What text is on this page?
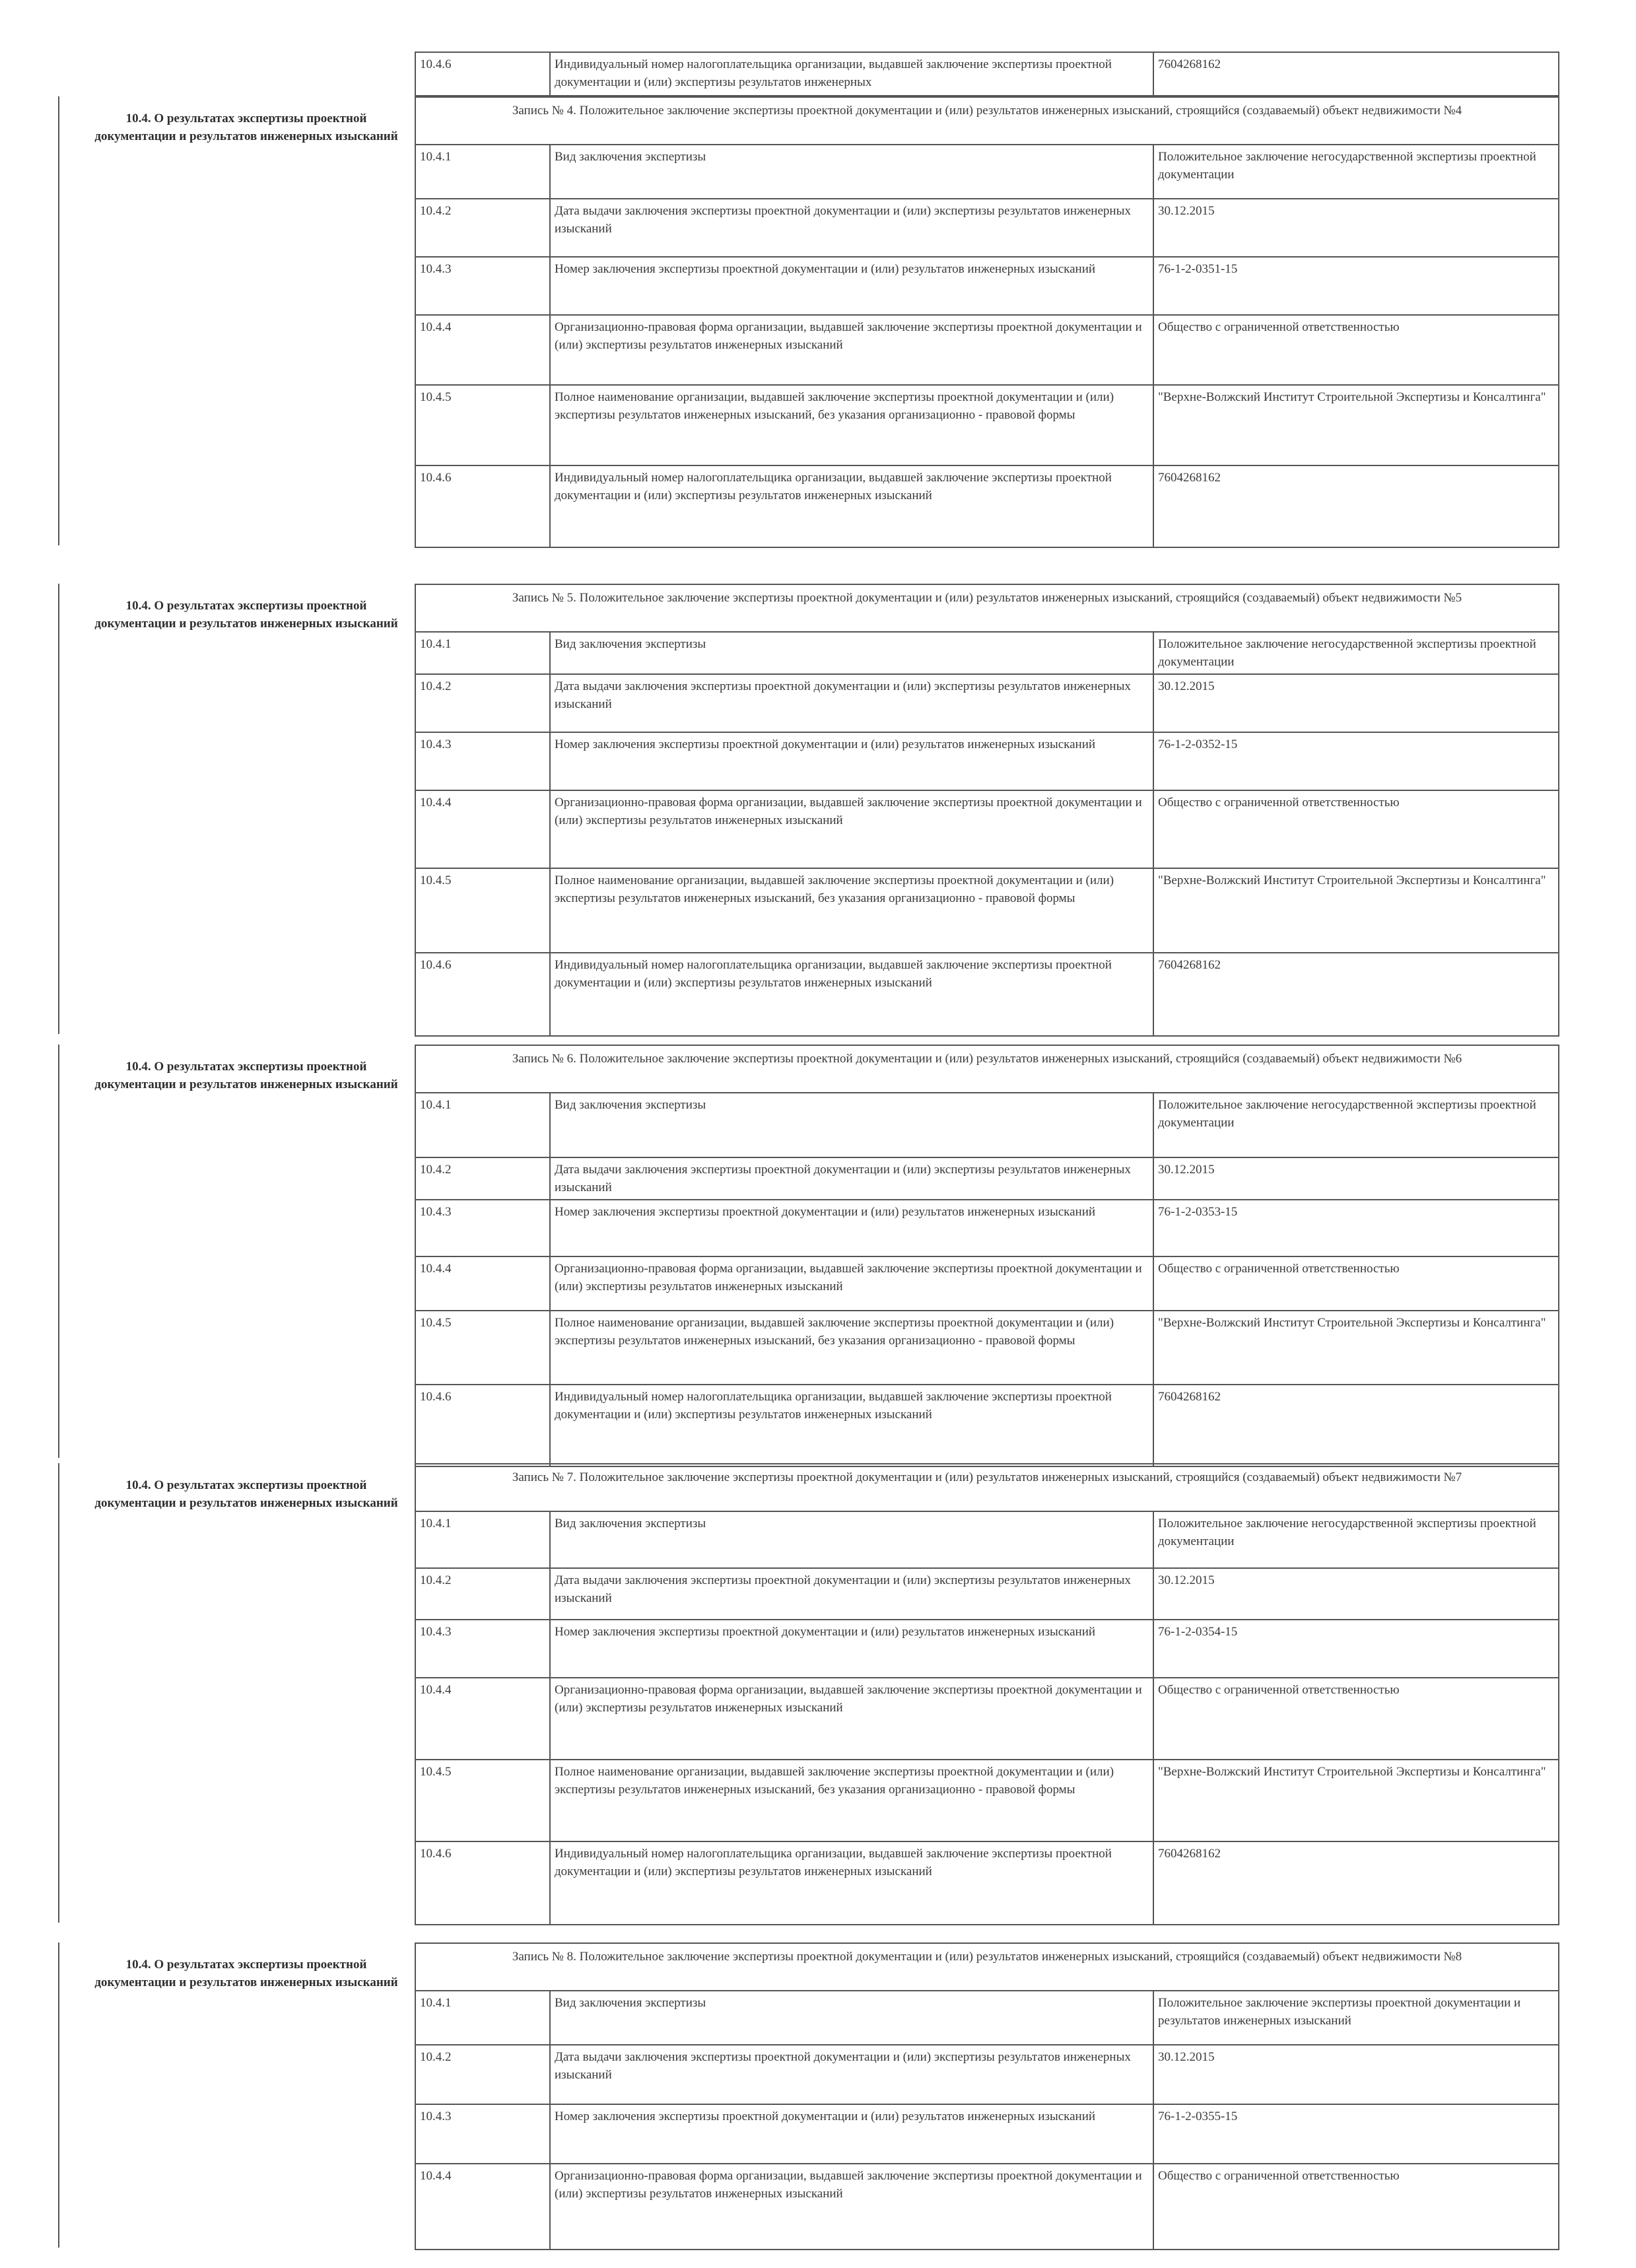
10.4.6	Индивидуальный номер налогоплательщика организации, выдавшей заключение экспертизы проектной документации и (или) экспертизы результатов инженерных	7604268162
10.4. О результатах экспертизы проектной документации и результатов инженерных изысканий
Запись № 4. Положительное заключение экспертизы проектной документации и (или) результатов инженерных изысканий, строящийся (создаваемый) объект недвижимости №4
10.4.1	Вид заключения экспертизы	Положительное заключение негосударственной экспертизы проектной документации
10.4.2	Дата выдачи заключения экспертизы проектной документации и (или) экспертизы результатов инженерных изысканий	30.12.2015
10.4.3	Номер заключения экспертизы проектной документации и (или) результатов инженерных изысканий	76-1-2-0351-15
10.4.4	Организационно-правовая форма организации, выдавшей заключение экспертизы проектной документации и (или) экспертизы результатов инженерных изысканий	Общество с ограниченной ответственностью
10.4.5	Полное наименование организации, выдавшей заключение экспертизы проектной документации и (или) экспертизы результатов инженерных изысканий, без указания организационно - правовой формы	"Верхне-Волжский Институт Строительной Экспертизы и Консалтинга"
10.4.6	Индивидуальный номер налогоплательщика организации, выдавшей заключение экспертизы проектной документации и (или) экспертизы результатов инженерных изысканий	7604268162
10.4. О результатах экспертизы проектной документации и результатов инженерных изысканий
Запись № 5. Положительное заключение экспертизы проектной документации и (или) результатов инженерных изысканий, строящийся (создаваемый) объект недвижимости №5
10.4.1	Вид заключения экспертизы	Положительное заключение негосударственной экспертизы проектной документации
10.4.2	Дата выдачи заключения экспертизы проектной документации и (или) экспертизы результатов инженерных изысканий	30.12.2015
10.4.3	Номер заключения экспертизы проектной документации и (или) результатов инженерных изысканий	76-1-2-0352-15
10.4.4	Организационно-правовая форма организации, выдавшей заключение экспертизы проектной документации и (или) экспертизы результатов инженерных изысканий	Общество с ограниченной ответственностью
10.4.5	Полное наименование организации, выдавшей заключение экспертизы проектной документации и (или) экспертизы результатов инженерных изысканий, без указания организационно - правовой формы	"Верхне-Волжский Институт Строительной Экспертизы и Консалтинга"
10.4.6	Индивидуальный номер налогоплательщика организации, выдавшей заключение экспертизы проектной документации и (или) экспертизы результатов инженерных изысканий	7604268162
10.4. О результатах экспертизы проектной документации и результатов инженерных изысканий
Запись № 6. Положительное заключение экспертизы проектной документации и (или) результатов инженерных изысканий, строящийся (создаваемый) объект недвижимости №6
10.4.1	Вид заключения экспертизы	Положительное заключение негосударственной экспертизы проектной документации
10.4.2	Дата выдачи заключения экспертизы проектной документации и (или) экспертизы результатов инженерных изысканий	30.12.2015
10.4.3	Номер заключения экспертизы проектной документации и (или) результатов инженерных изысканий	76-1-2-0353-15
10.4.4	Организационно-правовая форма организации, выдавшей заключение экспертизы проектной документации и (или) экспертизы результатов инженерных изысканий	Общество с ограниченной ответственностью
10.4.5	Полное наименование организации, выдавшей заключение экспертизы проектной документации и (или) экспертизы результатов инженерных изысканий, без указания организационно - правовой формы	"Верхне-Волжский Институт Строительной Экспертизы и Консалтинга"
10.4.6	Индивидуальный номер налогоплательщика организации, выдавшей заключение экспертизы проектной документации и (или) экспертизы результатов инженерных изысканий	7604268162
10.4. О результатах экспертизы проектной документации и результатов инженерных изысканий
Запись № 7. Положительное заключение экспертизы проектной документации и (или) результатов инженерных изысканий, строящийся (создаваемый) объект недвижимости №7
10.4.1	Вид заключения экспертизы	Положительное заключение негосударственной экспертизы проектной документации
10.4.2	Дата выдачи заключения экспертизы проектной документации и (или) экспертизы результатов инженерных изысканий	30.12.2015
10.4.3	Номер заключения экспертизы проектной документации и (или) результатов инженерных изысканий	76-1-2-0354-15
10.4.4	Организационно-правовая форма организации, выдавшей заключение экспертизы проектной документации и (или) экспертизы результатов инженерных изысканий	Общество с ограниченной ответственностью
10.4.5	Полное наименование организации, выдавшей заключение экспертизы проектной документации и (или) экспертизы результатов инженерных изысканий, без указания организационно - правовой формы	"Верхне-Волжский Институт Строительной Экспертизы и Консалтинга"
10.4.6	Индивидуальный номер налогоплательщика организации, выдавшей заключение экспертизы проектной документации и (или) экспертизы результатов инженерных изысканий	7604268162
10.4. О результатах экспертизы проектной документации и результатов инженерных изысканий
Запись № 8. Положительное заключение экспертизы проектной документации и (или) результатов инженерных изысканий, строящийся (создаваемый) объект недвижимости №8
10.4.1	Вид заключения экспертизы	Положительное заключение экспертизы проектной документации и результатов инженерных изысканий
10.4.2	Дата выдачи заключения экспертизы проектной документации и (или) экспертизы результатов инженерных изысканий	30.12.2015
10.4.3	Номер заключения экспертизы проектной документации и (или) результатов инженерных изысканий	76-1-2-0355-15
10.4.4	Организационно-правовая форма организации, выдавшей заключение экспертизы проектной документации и (или) экспертизы результатов инженерных изысканий	Общество с ограниченной ответственностью
